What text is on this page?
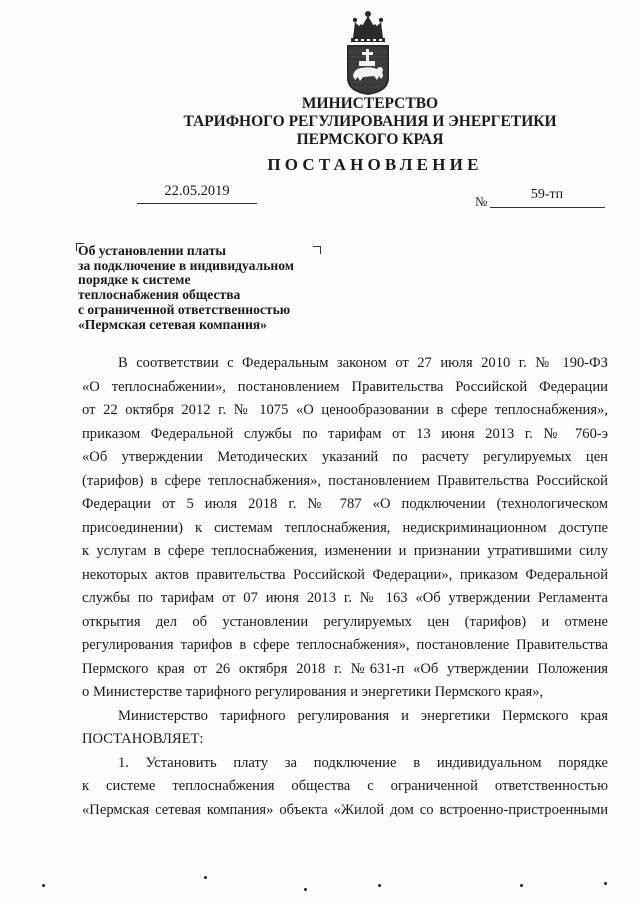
МИНИСТЕРСТВО
ТАРИФНОГО РЕГУЛИРОВАНИЯ И ЭНЕРГЕТИКИ
ПЕРМСКОГО КРАЯ
ПОСТАНОВЛЕНИЕ
22.05.2019
№	59-тп
Об установлении платы
за подключение в индивидуальном
порядке к системе
теплоснабжения общества
с ограниченной ответственностью
«Пермская сетевая компания»
В соответствии с Федеральным законом от 27 июля 2010 г. № 190-ФЗ
«О теплоснабжении», постановлением Правительства Российской Федерации
от 22 октября 2012 г. № 1075 «О ценообразовании в сфере теплоснабжения»,
приказом Федеральной службы по тарифам от 13 июня 2013 г. № 760-э
«Об утверждении Методических указаний по расчету регулируемых цен
(тарифов) в сфере теплоснабжения», постановлением Правительства Российской
Федерации от 5 июля 2018 г. № 787 «О подключении (технологическом
присоединении) к системам теплоснабжения, недискриминационном доступе
к услугам в сфере теплоснабжения, изменении и признании утратившими силу
некоторых актов правительства Российской Федерации», приказом Федеральной
службы по тарифам от 07 июня 2013 г. № 163 «Об утверждении Регламента
открытия дел об установлении регулируемых цен (тарифов) и отмене
регулирования тарифов в сфере теплоснабжения», постановление Правительства
Пермского края от 26 октября 2018 г. №631-п «Об утверждении Положения
о Министерстве тарифного регулирования и энергетики Пермского края»,
Министерство тарифного регулирования и энергетики Пермского края
ПОСТАНОВЛЯЕТ:
1. Установить плату за подключение в индивидуальном порядке
к системе теплоснабжения общества с ограниченной ответственностью
«Пермская сетевая компания» объекта «Жилой дом со встроенно-пристроенными
